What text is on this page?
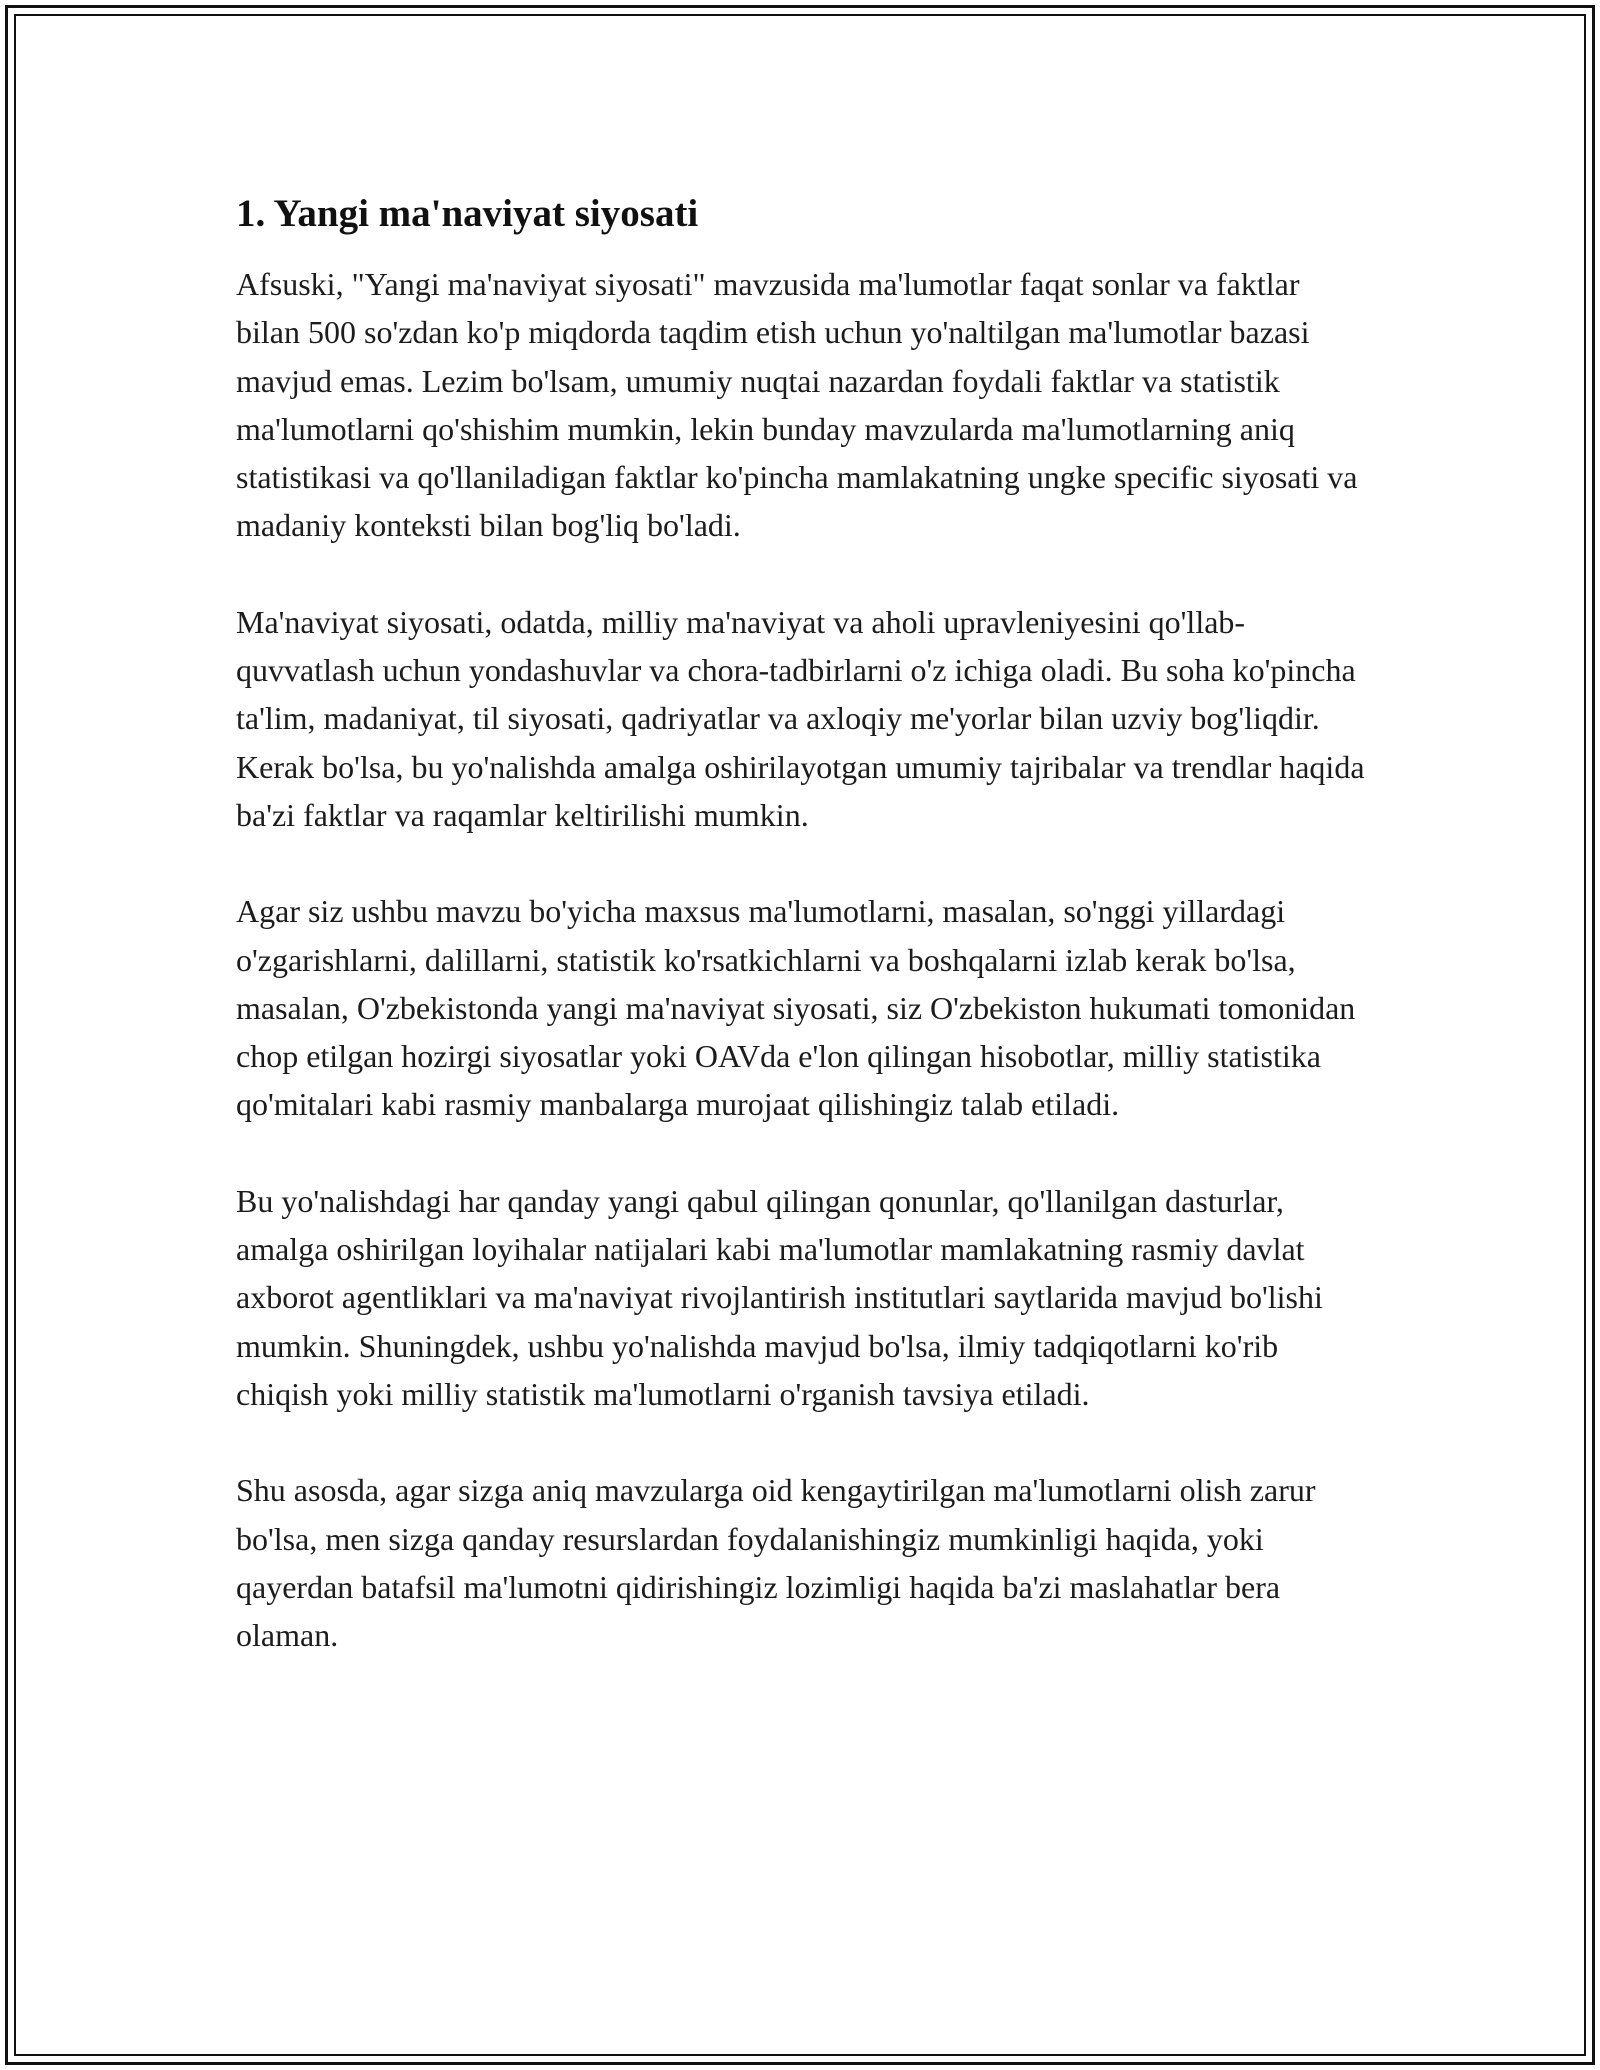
1. Yangi ma'naviyat siyosati

Afsuski, "Yangi ma'naviyat siyosati" mavzusida ma'lumotlar faqat sonlar va faktlar bilan 500 so'zdan ko'p miqdorda taqdim etish uchun yo'naltilgan ma'lumotlar bazasi mavjud emas. Lezim bo'lsam, umumiy nuqtai nazardan foydali faktlar va statistik ma'lumotlarni qo'shishim mumkin, lekin bunday mavzularda ma'lumotlarning aniq statistikasi va qo'llaniladigan faktlar ko'pincha mamlakatning ungke specific siyosati va madaniy konteksti bilan bog'liq bo'ladi.

Ma'naviyat siyosati, odatda, milliy ma'naviyat va aholi upravleniyesini qo'llab-quvvatlash uchun yondashuvlar va chora-tadbirlarni o'z ichiga oladi. Bu soha ko'pincha ta'lim, madaniyat, til siyosati, qadriyatlar va axloqiy me'yorlar bilan uzviy bog'liqdir. Kerak bo'lsa, bu yo'nalishda amalga oshirilayotgan umumiy tajribalar va trendlar haqida ba'zi faktlar va raqamlar keltirilishi mumkin.

Agar siz ushbu mavzu bo'yicha maxsus ma'lumotlarni, masalan, so'nggi yillardagi o'zgarishlarni, dalillarni, statistik ko'rsatkichlarni va boshqalarni izlab kerak bo'lsa, masalan, O'zbekistonda yangi ma'naviyat siyosati, siz O'zbekiston hukumati tomonidan chop etilgan hozirgi siyosatlar yoki OAVda e'lon qilingan hisobotlar, milliy statistika qo'mitalari kabi rasmiy manbalarga murojaat qilishingiz talab etiladi.

Bu yo'nalishdagi har qanday yangi qabul qilingan qonunlar, qo'llanilgan dasturlar, amalga oshirilgan loyihalar natijalari kabi ma'lumotlar mamlakatning rasmiy davlat axborot agentliklari va ma'naviyat rivojlantirish institutlari saytlarida mavjud bo'lishi mumkin. Shuningdek, ushbu yo'nalishda mavjud bo'lsa, ilmiy tadqiqotlarni ko'rib chiqish yoki milliy statistik ma'lumotlarni o'rganish tavsiya etiladi.

Shu asosda, agar sizga aniq mavzularga oid kengaytirilgan ma'lumotlarni olish zarur bo'lsa, men sizga qanday resurslardan foydalanishingiz mumkinligi haqida, yoki qayerdan batafsil ma'lumotni qidirishingiz lozimligi haqida ba'zi maslahatlar bera olaman.
